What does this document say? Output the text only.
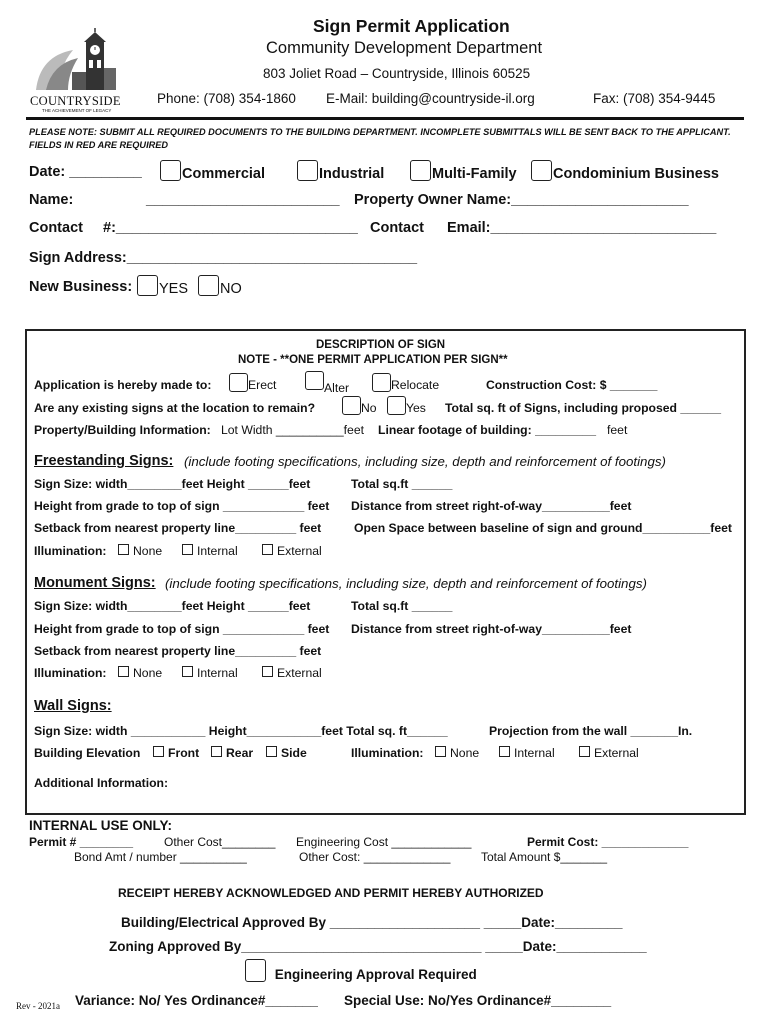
COUNTRYSIDE
THE ACHIEVEMENT OF LEGACY
Sign Permit Application
Community Development Department
803 Joliet Road – Countryside, Illinois 60525
Phone: (708) 354-1860 E-Mail: building@countryside-il.org	Fax: (708) 354-9445
PLEASE NOTE: SUBMIT ALL REQUIRED DOCUMENTS TO THE BUILDING DEPARTMENT. INCOMPLETE SUBMITTALS WILL BE SENT BACK TO THE APPLICANT. FIELDS IN RED ARE REQUIRED
Date: _________	Commercial	Industrial	Multi-Family	Condominium Business
Name:	________________________ Property Owner Name:______________________
Contact #:______________________________ Contact Email:____________________________
Sign Address:____________________________________
New Business:	YES	NO
DESCRIPTION OF SIGN
NOTE - **ONE PERMIT APPLICATION PER SIGN**
Application is hereby made to:	Erect	Alter	Relocate	Construction Cost: $ _______
Are any existing signs at the location to remain?	No	Yes Total sq. ft of Signs, including proposed ______
Property/Building Information: Lot Width __________feet Linear footage of building: _________ feet
Freestanding Signs: (include footing specifications, including size, depth and reinforcement of footings)
Sign Size: width________feet Height ______feet	Total sq.ft ______
Height from grade to top of sign ____________ feet Distance from street right-of-way__________feet
Setback from nearest property line_________ feet	Open Space between baseline of sign and ground__________feet
Illumination:	None	Internal	External
Monument Signs: (include footing specifications, including size, depth and reinforcement of footings)
Sign Size: width________feet Height ______feet	Total sq.ft ______
Height from grade to top of sign ____________ feet Distance from street right-of-way__________feet
Setback from nearest property line_________ feet
Illumination:	None	Internal	External
Wall Signs:
Sign Size: width ___________ Height___________feet Total sq. ft______	Projection from the wall _______In.
Building Elevation	Front	Rear	Side	Illumination:	None	Internal	External
Additional Information:
INTERNAL USE ONLY:
Permit # ________	Other Cost________ Engineering Cost ____________	Permit Cost: _____________
Bond Amt / number __________	Other Cost: _____________	Total Amount $_______
RECEIPT HEREBY ACKNOWLEDGED AND PERMIT HEREBY AUTHORIZED
Building/Electrical Approved By ____________________ _____Date:_________
Zoning Approved By________________________________ _____Date:____________
Engineering Approval Required
Variance: No/ Yes Ordinance#_______ Special Use: No/Yes Ordinance#________
Rev - 2021a
